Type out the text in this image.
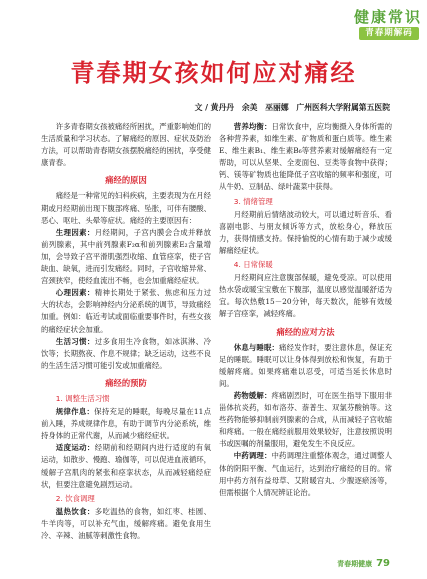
健康常识
青春期解码
青春期女孩如何应对痛经
文 / 黄丹丹　余美　巫丽娜　广州医科大学附属第五医院

许多青春期女孩被痛经所困扰，严重影响她们的生活质量和学习状态。了解痛经的原因、症状及防治方法，可以帮助青春期女孩摆脱痛经的困扰，享受健康青春。

痛经的原因

痛经是一种常见的妇科疾病，主要表现为在月经期或月经期前出现下腹部疼痛、坠胀，可伴有腰酸、恶心、呕吐、头晕等症状。痛经的主要原因有：

生理因素：月经期间，子宫内膜会合成并释放前列腺素，其中前列腺素F₂α和前列腺素E₂含量增加，会导致子宫平滑肌强烈收缩、血管痉挛，使子宫缺血、缺氧，进而引发痛经。同时，子宫收缩异常、宫颈狭窄，使经血流出不畅，也会加重痛经症状。

心理因素：精神长期处于紧张、焦虑和压力过大的状态，会影响神经内分泌系统的调节，导致痛经加重。例如：临近考试或面临重要事件时，有些女孩的痛经症状会加重。

生活习惯：过多食用生冷食物，如冰淇淋、冷饮等；长期熬夜、作息不规律；缺乏运动，这些不良的生活生活习惯可能引发或加重痛经。

痛经的预防
1. 调整生活习惯

规律作息：保持充足的睡眠，每晚尽量在11点前入睡，养成规律作息，有助于调节内分泌系统，维持身体的正常代谢，从而减少痛经症状。

适度运动：经期前和经期间内进行适度的有氧运动，如散步、慢跑、瑜伽等，可以促进血液循环，缓解子宫肌肉的紧张和痉挛状态，从而减轻痛经症状，但要注意避免剧烈运动。

2. 饮食调理

温热饮食：多吃温热的食物，如红枣、桂圆、牛羊肉等，可以补充气血，缓解疼痛。避免食用生冷、辛辣、油腻等刺激性食物。

营养均衡：日常饮食中，应均衡摄入身体所需的各种营养素，如维生素、矿物质和蛋白质等。维生素E、维生素B₁、维生素B₆等营养素对缓解痛经有一定帮助，可以从坚果、全麦面包、豆类等食物中获得；钙、镁等矿物质也能降低子宫收缩的频率和强度，可从牛奶、豆制品、绿叶蔬菜中获得。

3. 情绪管理

月经期前后情绪波动较大，可以通过听音乐、看喜剧电影、与朋友倾诉等方式，放松身心，释放压力，获得情感支持。保持愉悦的心情有助于减少或缓解痛经症状。

4. 日常保暖

月经期间应注意腹部保暖，避免受凉。可以使用热水袋或暖宝宝敷在下腹部，温度以感觉温暖舒适为宜。每次热敷15－20分钟，每天数次，能够有效缓解子宫痉挛，减轻疼痛。

痛经的应对方法

休息与睡眠：痛经发作时，要注意休息，保证充足的睡眠。睡眠可以让身体得到放松和恢复，有助于缓解疼痛。如果疼痛难以忍受，可适当延长休息时间。

药物缓解：疼痛剧烈时，可在医生指导下服用非甾体抗炎药，如布洛芬、萘普生、双氯芬酸钠等。这些药物能够抑制前列腺素的合成，从而减轻子宫收缩和疼痛。一般在痛经前服用效果较好，注意按照说明书或医嘱的剂量服用，避免发生不良反应。

中药调理：中药调理注重整体观念，通过调整人体的阴阳平衡、气血运行，达到治疗痛经的目的。常用中药方剂有益母草、艾附暖宫丸、少腹逐瘀汤等，但需根据个人情况辨证论治。

青春期健康 79
